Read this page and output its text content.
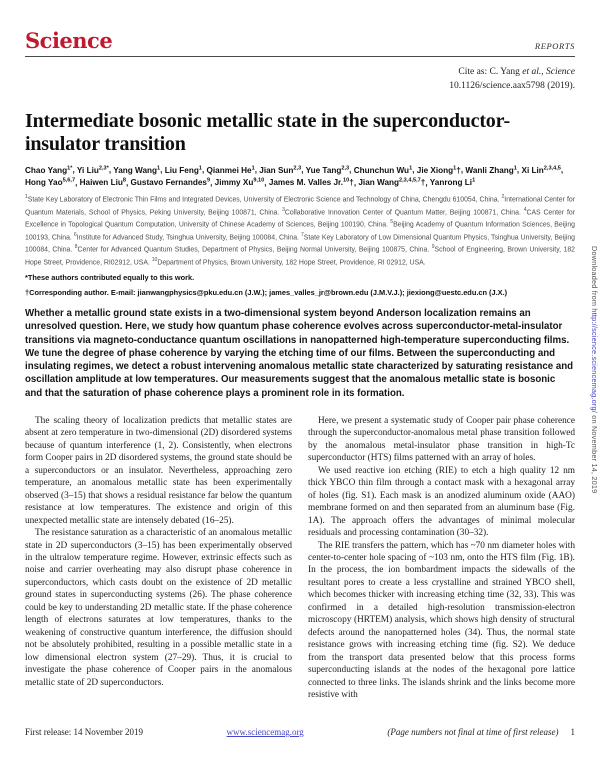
Science	REPORTS
Cite as: C. Yang et al., Science
10.1126/science.aax5798 (2019).
Intermediate bosonic metallic state in the superconductor-
insulator transition
Chao Yang$^{1*}$, Yi Liu$^{2,3*}$, Yang Wang$^1$, Liu Feng$^1$, Qianmei He$^1$, Jian Sun$^{2,3}$, Yue Tang$^{2,3}$, Chunchun Wu$^1$, Jie Xiong$^1$†, Wanli Zhang$^1$, Xi Lin$^{2,3,4,5}$, Hong Yao$^{5,6,7}$, Haiwen Liu$^8$, Gustavo Fernandes$^9$, Jimmy Xu$^{9,10}$, James M. Valles Jr.$^{10}$†, Jian Wang$^{2,3,4,5,7}$†, Yanrong Li$^1$
$^1$State Key Laboratory of Electronic Thin Films and Integrated Devices, University of Electronic Science and Technology of China, Chengdu 610054, China. $^2$International Center for Quantum Materials, School of Physics, Peking University, Beijing 100871, China. $^3$Collaborative Innovation Center of Quantum Matter, Beijing 100871, China. $^4$CAS Center for Excellence in Topological Quantum Computation, University of Chinese Academy of Sciences, Beijing 100190, China. $^5$Beijing Academy of Quantum Information Sciences, Beijing 100193, China. $^6$Institute for Advanced Study, Tsinghua University, Beijing 100084, China. $^7$State Key Laboratory of Low Dimensional Quantum Physics, Tsinghua University, Beijing 100084, China. $^8$Center for Advanced Quantum Studies, Department of Physics, Beijing Normal University, Beijing 100875, China. $^9$School of Engineering, Brown University, 182 Hope Street, Providence, RI02912, USA. $^{10}$Department of Physics, Brown University, 182 Hope Street, Providence, RI 02912, USA.
*These authors contributed equally to this work.
†Corresponding author. E-mail: jianwangphysics@pku.edu.cn (J.W.); james_valles_jr@brown.edu (J.M.V.J.); jiexiong@uestc.edu.cn (J.X.)
Whether a metallic ground state exists in a two-dimensional system beyond Anderson localization remains an unresolved question. Here, we study how quantum phase coherence evolves across superconductor-metal-insulator transitions via magneto-conductance quantum oscillations in nanopatterned high-temperature superconducting films. We tune the degree of phase coherence by varying the etching time of our films. Between the superconducting and insulating regimes, we detect a robust intervening anomalous metallic state characterized by saturating resistance and oscillation amplitude at low temperatures. Our measurements suggest that the anomalous metallic state is bosonic and that the saturation of phase coherence plays a prominent role in its formation.

The scaling theory of localization predicts that metallic states are absent at zero temperature in two-dimensional (2D) disordered systems because of quantum interference (1, 2). Consistently, when electrons form Cooper pairs in 2D disordered systems, the ground state should be a superconductors or an insulator. Nevertheless, approaching zero temperature, an anomalous metallic state has been experimentally observed (3–15) that shows a residual resistance far below the quantum resistance at low temperatures. The existence and origin of this unexpected metallic state are intensely debated (16–25).

The resistance saturation as a characteristic of an anomalous metallic state in 2D superconductors (3–15) has been experimentally observed in the ultralow temperature regime. However, extrinsic effects such as noise and carrier overheating may also disrupt phase coherence in superconductors, which casts doubt on the existence of 2D metallic ground states in superconducting systems (26). The phase coherence could be key to understanding 2D metallic state. If the phase coherence length of electrons saturates at low temperatures, thanks to the weakening of constructive quantum interference, the diffusion should not be absolutely prohibited, resulting in a possible metallic state in a low dimensional electron system (27–29). Thus, it is crucial to investigate the phase coherence of Cooper pairs in the anomalous metallic state of 2D superconductors.

Here, we present a systematic study of Cooper pair phase coherence through the superconductor-anomalous metal phase transition followed by the anomalous metal-insulator phase transition in high-Tc superconductor (HTS) films patterned with an array of holes.

We used reactive ion etching (RIE) to etch a high quality 12 nm thick YBCO thin film through a contact mask with a hexagonal array of holes (fig. S1). Each mask is an anodized aluminum oxide (AAO) membrane formed on and then separated from an aluminum base (Fig. 1A). The approach offers the advantages of minimal molecular residuals and processing contamination (30–32).

The RIE transfers the pattern, which has ~70 nm diameter holes with center-to-center hole spacing of ~103 nm, onto the HTS film (Fig. 1B). In the process, the ion bombardment impacts the sidewalls of the resultant pores to create a less crystalline and strained YBCO shell, which becomes thicker with increasing etching time (32, 33). This was confirmed in a detailed high-resolution transmission-electron microscopy (HRTEM) analysis, which shows high density of structural defects around the nanopatterned holes (34). Thus, the normal state resistance grows with increasing etching time (fig. S2). We deduce from the transport data presented below that this process forms superconducting islands at the nodes of the hexagonal pore lattice connected to three links. The islands shrink and the links become more resistive with

First release: 14 November 2019	www.sciencemag.org	(Page numbers not final at time of first release) 1
Downloaded from http://science.sciencemag.org/ on November 14, 2019
